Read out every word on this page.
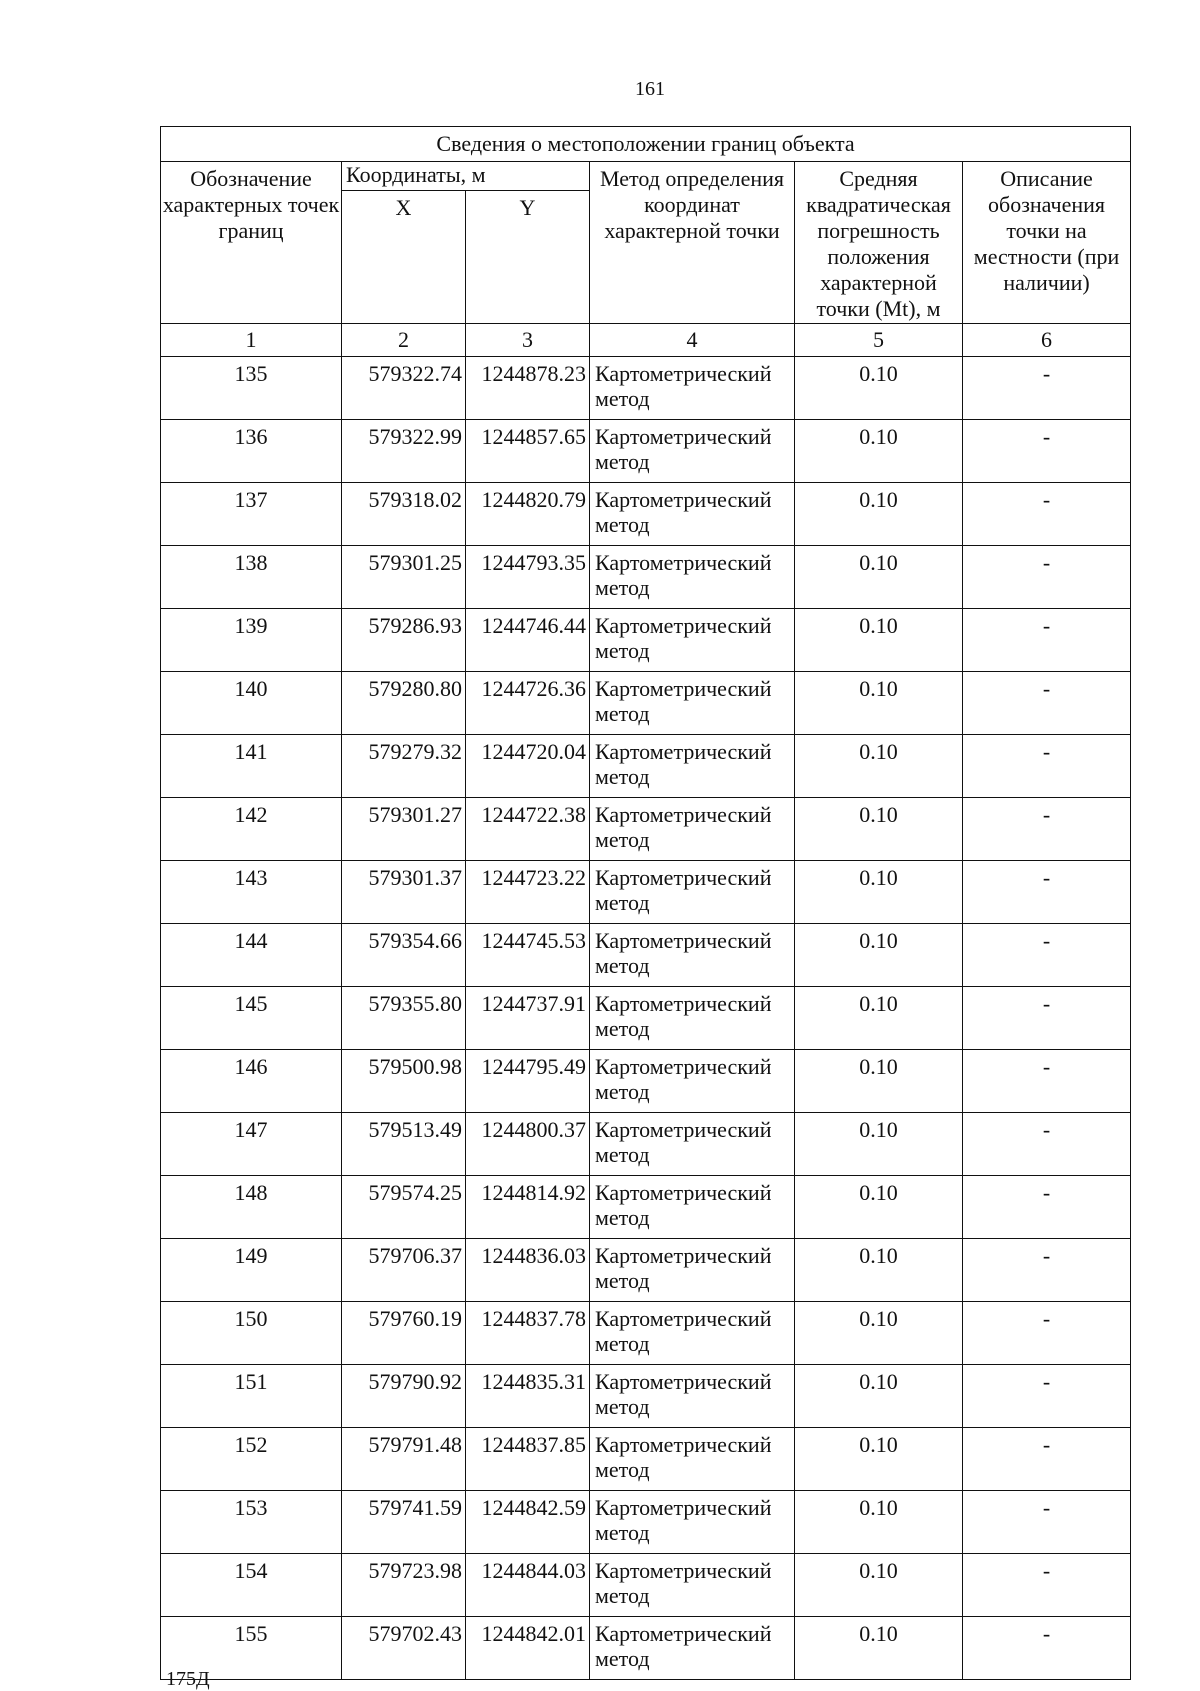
161
Сведения о местоположении границ объекта					
Обозначение характерных точек границ	Координаты, м		Метод определения координат характерной точки	Средняя квадратическая погрешность положения характерной точки (Mt), м	Описание обозначения точки на местности (при наличии)
	X	Y			
1	2	3	4	5	6
135	579322.74	1244878.23	Картометрический метод	0.10	-
136	579322.99	1244857.65	Картометрический метод	0.10	-
137	579318.02	1244820.79	Картометрический метод	0.10	-
138	579301.25	1244793.35	Картометрический метод	0.10	-
139	579286.93	1244746.44	Картометрический метод	0.10	-
140	579280.80	1244726.36	Картометрический метод	0.10	-
141	579279.32	1244720.04	Картометрический метод	0.10	-
142	579301.27	1244722.38	Картометрический метод	0.10	-
143	579301.37	1244723.22	Картометрический метод	0.10	-
144	579354.66	1244745.53	Картометрический метод	0.10	-
145	579355.80	1244737.91	Картометрический метод	0.10	-
146	579500.98	1244795.49	Картометрический метод	0.10	-
147	579513.49	1244800.37	Картометрический метод	0.10	-
148	579574.25	1244814.92	Картометрический метод	0.10	-
149	579706.37	1244836.03	Картометрический метод	0.10	-
150	579760.19	1244837.78	Картометрический метод	0.10	-
151	579790.92	1244835.31	Картометрический метод	0.10	-
152	579791.48	1244837.85	Картометрический метод	0.10	-
153	579741.59	1244842.59	Картометрический метод	0.10	-
154	579723.98	1244844.03	Картометрический метод	0.10	-
155	579702.43	1244842.01	Картометрический метод	0.10	-
175Д
